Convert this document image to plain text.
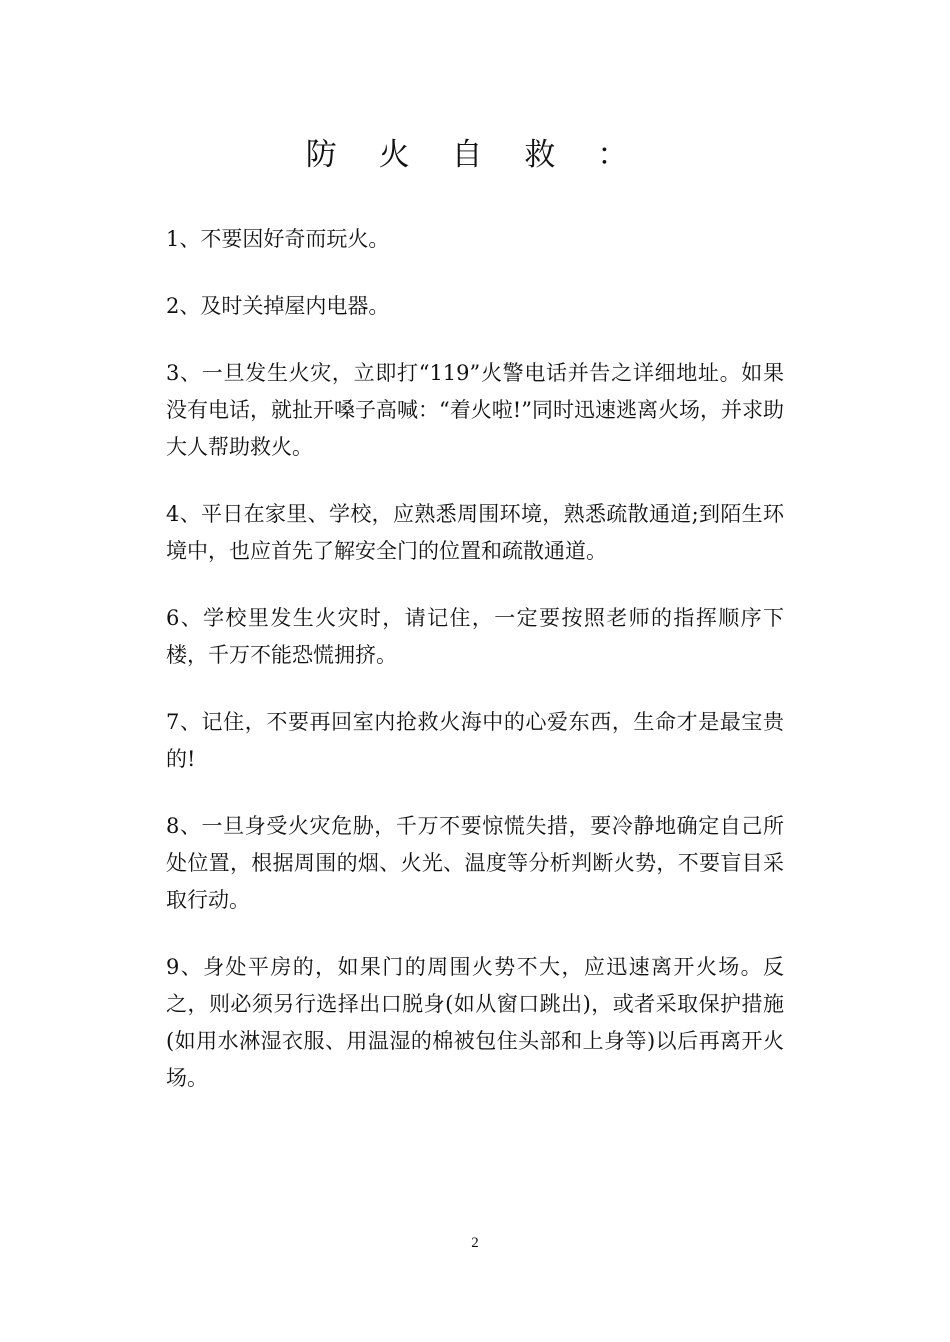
防 火 自 救 ：

1、不要因好奇而玩火。

2、及时关掉屋内电器。

3、一旦发生火灾，立即打“119”火警电话并告之详细地址。如果没有电话，就扯开嗓子高喊：“着火啦!”同时迅速逃离火场，并求助大人帮助救火。

4、平日在家里、学校，应熟悉周围环境，熟悉疏散通道;到陌生环境中，也应首先了解安全门的位置和疏散通道。

6、学校里发生火灾时，请记住，一定要按照老师的指挥顺序下楼，千万不能恐慌拥挤。

7、记住，不要再回室内抢救火海中的心爱东西，生命才是最宝贵的!

8、一旦身受火灾危胁，千万不要惊慌失措，要冷静地确定自己所处位置，根据周围的烟、火光、温度等分析判断火势，不要盲目采取行动。

9、身处平房的，如果门的周围火势不大，应迅速离开火场。反之，则必须另行选择出口脱身(如从窗口跳出)，或者采取保护措施(如用水淋湿衣服、用温湿的棉被包住头部和上身等)以后再离开火场。

2
